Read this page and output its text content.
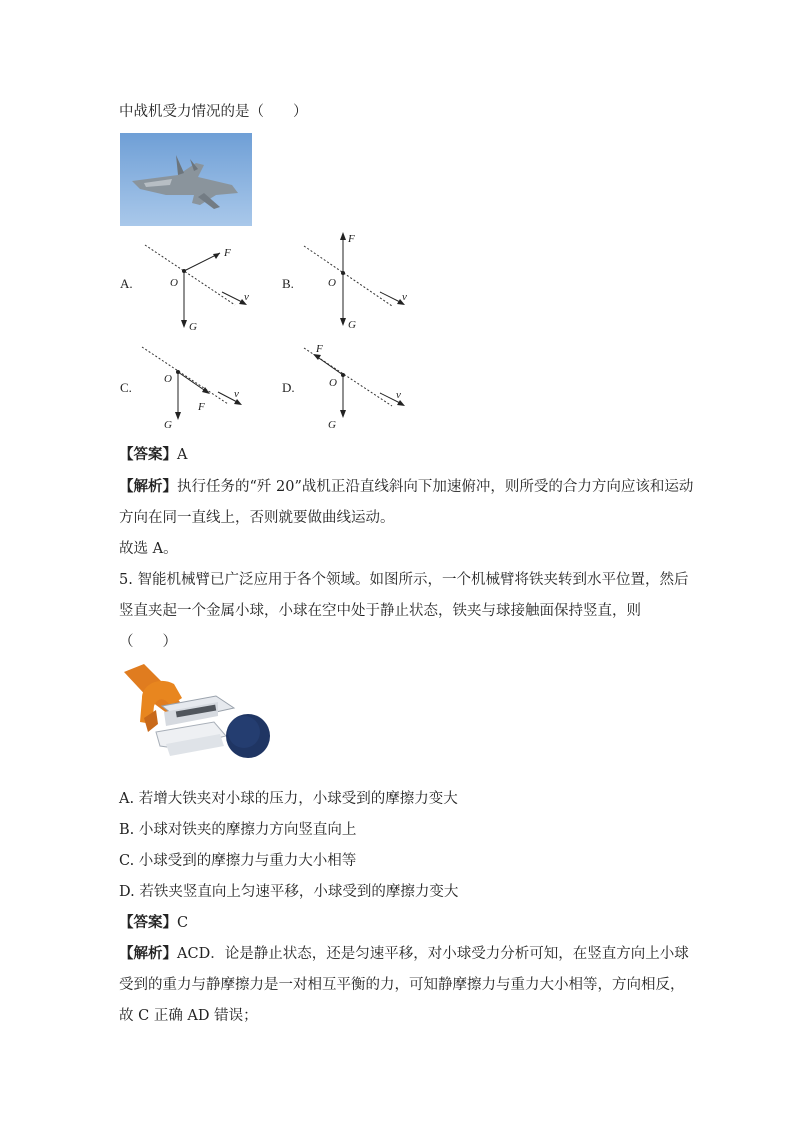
中战机受力情况的是（　　）
A.
F
O
G
v
B.
F
O
G
v
C.
O
G
F
v	D.
F
O
G
v
【答案】A
【解析】执行任务的“歼 20”战机正沿直线斜向下加速俯冲，则所受的合力方向应该和运动
方向在同一直线上，否则就要做曲线运动。
故选 A。
5. 智能机械臂已广泛应用于各个领域。如图所示，一个机械臂将铁夹转到水平位置，然后
竖直夹起一个金属小球，小球在空中处于静止状态，铁夹与球接触面保持竖直，则
（　　）
A. 若增大铁夹对小球的压力，小球受到的摩擦力变大
B. 小球对铁夹的摩擦力方向竖直向上
C. 小球受到的摩擦力与重力大小相等
D. 若铁夹竖直向上匀速平移，小球受到的摩擦力变大
【答案】C
【解析】ACD．论是静止状态，还是匀速平移，对小球受力分析可知，在竖直方向上小球
受到的重力与静摩擦力是一对相互平衡的力，可知静摩擦力与重力大小相等，方向相反，
故 C 正确 AD 错误；
